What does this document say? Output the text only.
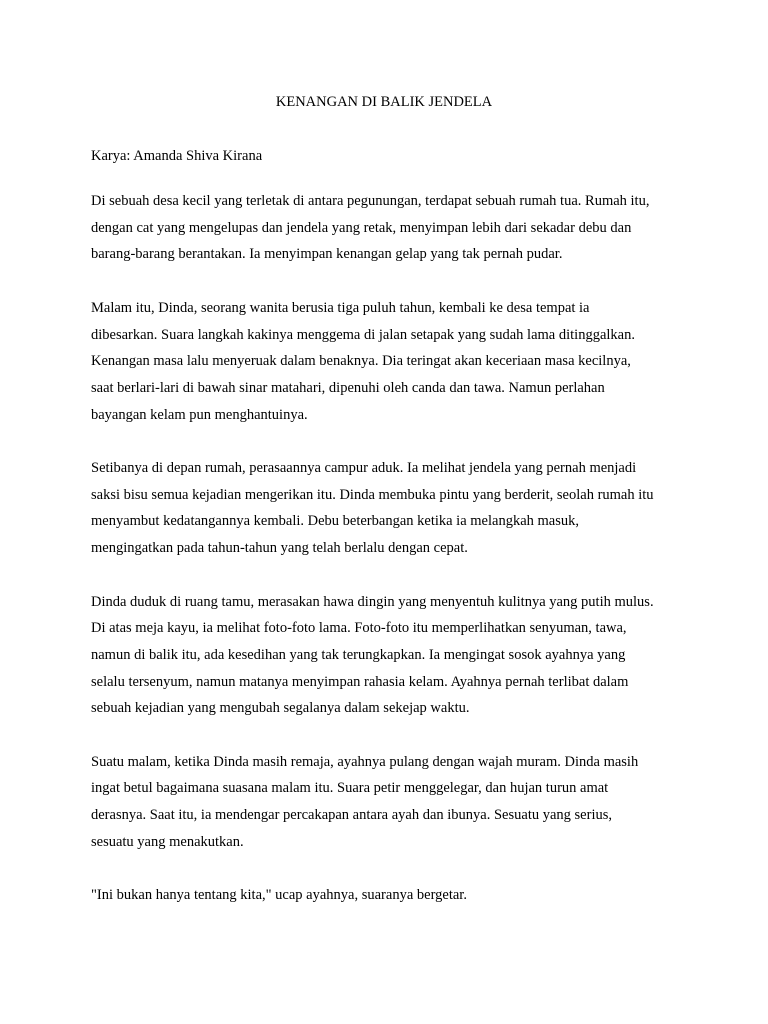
KENANGAN DI BALIK JENDELA
Karya: Amanda Shiva Kirana

Di sebuah desa kecil yang terletak di antara pegunungan, terdapat sebuah rumah tua. Rumah itu,
dengan cat yang mengelupas dan jendela yang retak, menyimpan lebih dari sekadar debu dan
barang-barang berantakan. Ia menyimpan kenangan gelap yang tak pernah pudar.

Malam itu, Dinda, seorang wanita berusia tiga puluh tahun, kembali ke desa tempat ia
dibesarkan. Suara langkah kakinya menggema di jalan setapak yang sudah lama ditinggalkan.
Kenangan masa lalu menyeruak dalam benaknya. Dia teringat akan keceriaan masa kecilnya,
saat berlari-lari di bawah sinar matahari, dipenuhi oleh canda dan tawa. Namun perlahan
bayangan kelam pun menghantuinya.

Setibanya di depan rumah, perasaannya campur aduk. Ia melihat jendela yang pernah menjadi
saksi bisu semua kejadian mengerikan itu. Dinda membuka pintu yang berderit, seolah rumah itu
menyambut kedatangannya kembali. Debu beterbangan ketika ia melangkah masuk,
mengingatkan pada tahun-tahun yang telah berlalu dengan cepat.

Dinda duduk di ruang tamu, merasakan hawa dingin yang menyentuh kulitnya yang putih mulus.
Di atas meja kayu, ia melihat foto-foto lama. Foto-foto itu memperlihatkan senyuman, tawa,
namun di balik itu, ada kesedihan yang tak terungkapkan. Ia mengingat sosok ayahnya yang
selalu tersenyum, namun matanya menyimpan rahasia kelam. Ayahnya pernah terlibat dalam
sebuah kejadian yang mengubah segalanya dalam sekejap waktu.

Suatu malam, ketika Dinda masih remaja, ayahnya pulang dengan wajah muram. Dinda masih
ingat betul bagaimana suasana malam itu. Suara petir menggelegar, dan hujan turun amat
derasnya. Saat itu, ia mendengar percakapan antara ayah dan ibunya. Sesuatu yang serius,
sesuatu yang menakutkan.

"Ini bukan hanya tentang kita," ucap ayahnya, suaranya bergetar.
